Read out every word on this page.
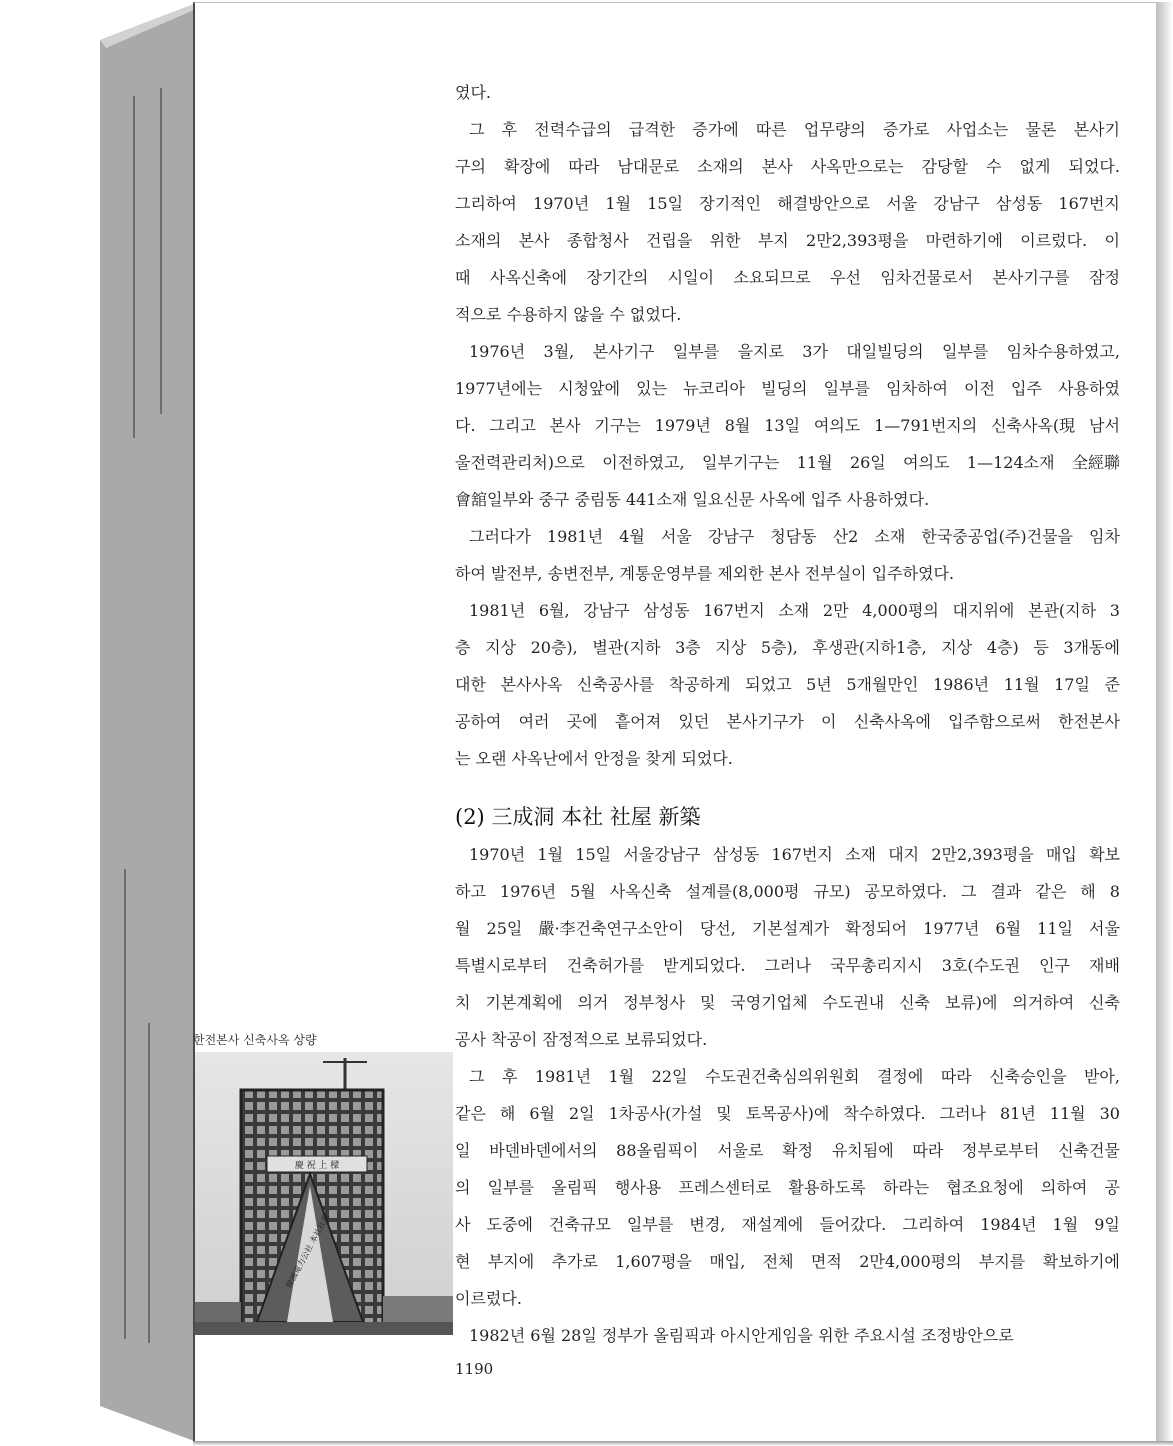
였다.
그 후 전력수급의 급격한 증가에 따른 업무량의 증가로 사업소는 물론 본사기
구의 확장에 따라 남대문로 소재의 본사 사옥만으로는 감당할 수 없게 되었다.
그리하여 1970년 1월 15일 장기적인 해결방안으로 서울 강남구 삼성동 167번지
소재의 본사 종합청사 건립을 위한 부지 2만2,393평을 마련하기에 이르렀다. 이
때 사옥신축에 장기간의 시일이 소요되므로 우선 임차건물로서 본사기구를 잠정
적으로 수용하지 않을 수 없었다.
1976년 3월, 본사기구 일부를 을지로 3가 대일빌딩의 일부를 임차수용하였고,
1977년에는 시청앞에 있는 뉴코리아 빌딩의 일부를 임차하여 이전 입주 사용하였
다. 그리고 본사 기구는 1979년 8월 13일 여의도 1—791번지의 신축사옥(現 남서
울전력관리처)으로 이전하였고, 일부기구는 11월 26일 여의도 1—124소재 全經聯
會舘일부와 중구 중림동 441소재 일요신문 사옥에 입주 사용하였다.
그러다가 1981년 4월 서울 강남구 청담동 산2 소재 한국중공업(주)건물을 임차
하여 발전부, 송변전부, 계통운영부를 제외한 본사 전부실이 입주하였다.
1981년 6월, 강남구 삼성동 167번지 소재 2만 4,000평의 대지위에 본관(지하 3
층 지상 20층), 별관(지하 3층 지상 5층), 후생관(지하1층, 지상 4층) 등 3개동에
대한 본사사옥 신축공사를 착공하게 되었고 5년 5개월만인 1986년 11월 17일 준
공하여 여러 곳에 흩어져 있던 본사기구가 이 신축사옥에 입주함으로써 한전본사
는 오랜 사옥난에서 안정을 찾게 되었다.
(2) 三成洞 本社 社屋 新築
1970년 1월 15일 서울강남구 삼성동 167번지 소재 대지 2만2,393평을 매입 확보
하고 1976년 5월 사옥신축 설계를(8,000평 규모) 공모하였다. 그 결과 같은 해 8
월 25일 嚴·李건축연구소안이 당선, 기본설계가 확정되어 1977년 6월 11일 서울
특별시로부터 건축허가를 받게되었다. 그러나 국무총리지시 3호(수도권 인구 재배
치 기본계획에 의거 정부청사 및 국영기업체 수도권내 신축 보류)에 의거하여 신축
공사 착공이 잠정적으로 보류되었다.
그 후 1981년 1월 22일 수도권건축심의위원회 결정에 따라 신축승인을 받아,
같은 해 6월 2일 1차공사(가설 및 토목공사)에 착수하였다. 그러나 81년 11월 30
일 바덴바덴에서의 88올림픽이 서울로 확정 유치됨에 따라 정부로부터 신축건물
의 일부를 올림픽 행사용 프레스센터로 활용하도록 하라는 협조요청에 의하여 공
사 도중에 건축규모 일부를 변경, 재설계에 들어갔다. 그리하여 1984년 1월 9일
현 부지에 추가로 1,607평을 매입, 전체 면적 2만4,000평의 부지를 확보하기에
이르렀다.
1982년 6월 28일 정부가 올림픽과 아시안게임을 위한 주요시설 조정방안으로
한전본사 신축사옥 상량
慶 祝 上 樑
韓國電力公社 本社社屋
1190
